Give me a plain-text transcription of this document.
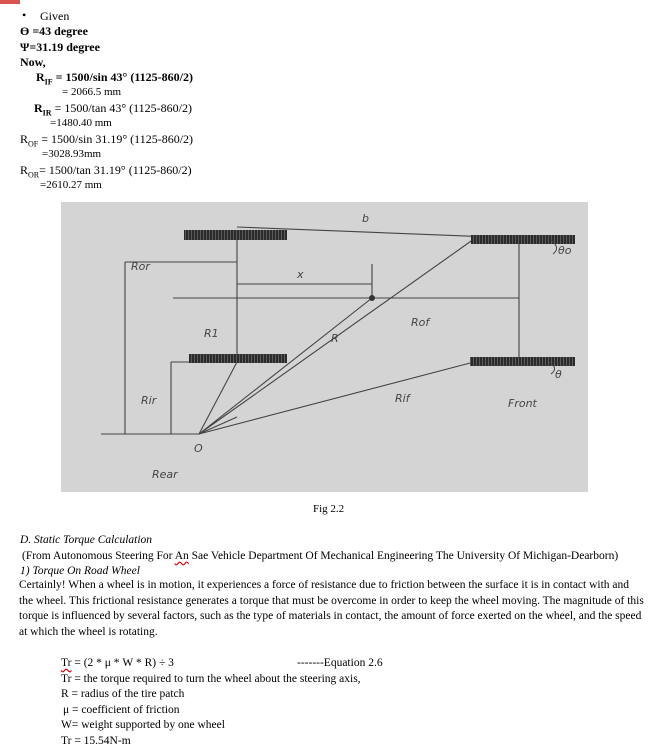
• Given
ϴ =43 degree
Ψ=31.19 degree
Now,
$R_{IF} = 1500/\sin$ 43° (1125-860/2)
= 2066.5 mm
$R_{IR} = 1500/\tan$ 43° (1125-860/2)
=1480.40 mm
$R_{OF} = 1500/\sin$ 31.19° (1125-860/2)
=3028.93mm
$R_{OR}= 1500/\tan$ 31.19° (1125-860/2)
=2610.27 mm
b
Ror
x
R1	R
Rof
Rir	Rif	Front
O
Rear
θo
θ
Fig 2.2
D. Static Torque Calculation
(From Autonomous Steering For An Sae Vehicle Department Of Mechanical Engineering The University Of Michigan-Dearborn)
1) Torque On Road Wheel
Certainly! When a wheel is in motion, it experiences a force of resistance due to friction between the surface it is in contact with and the wheel. This frictional resistance generates a torque that must be overcome in order to keep the wheel moving. The magnitude of this torque is influenced by several factors, such as the type of materials in contact, the amount of force exerted on the wheel, and the speed at which the wheel is rotating.
Tr = (2 * μ * W * R) ÷ 3	-------Equation 2.6
Tr = the torque required to turn the wheel about the steering axis,
R = radius of the tire patch
μ = coefficient of friction
W= weight supported by one wheel
Tr = 15.54N-m
